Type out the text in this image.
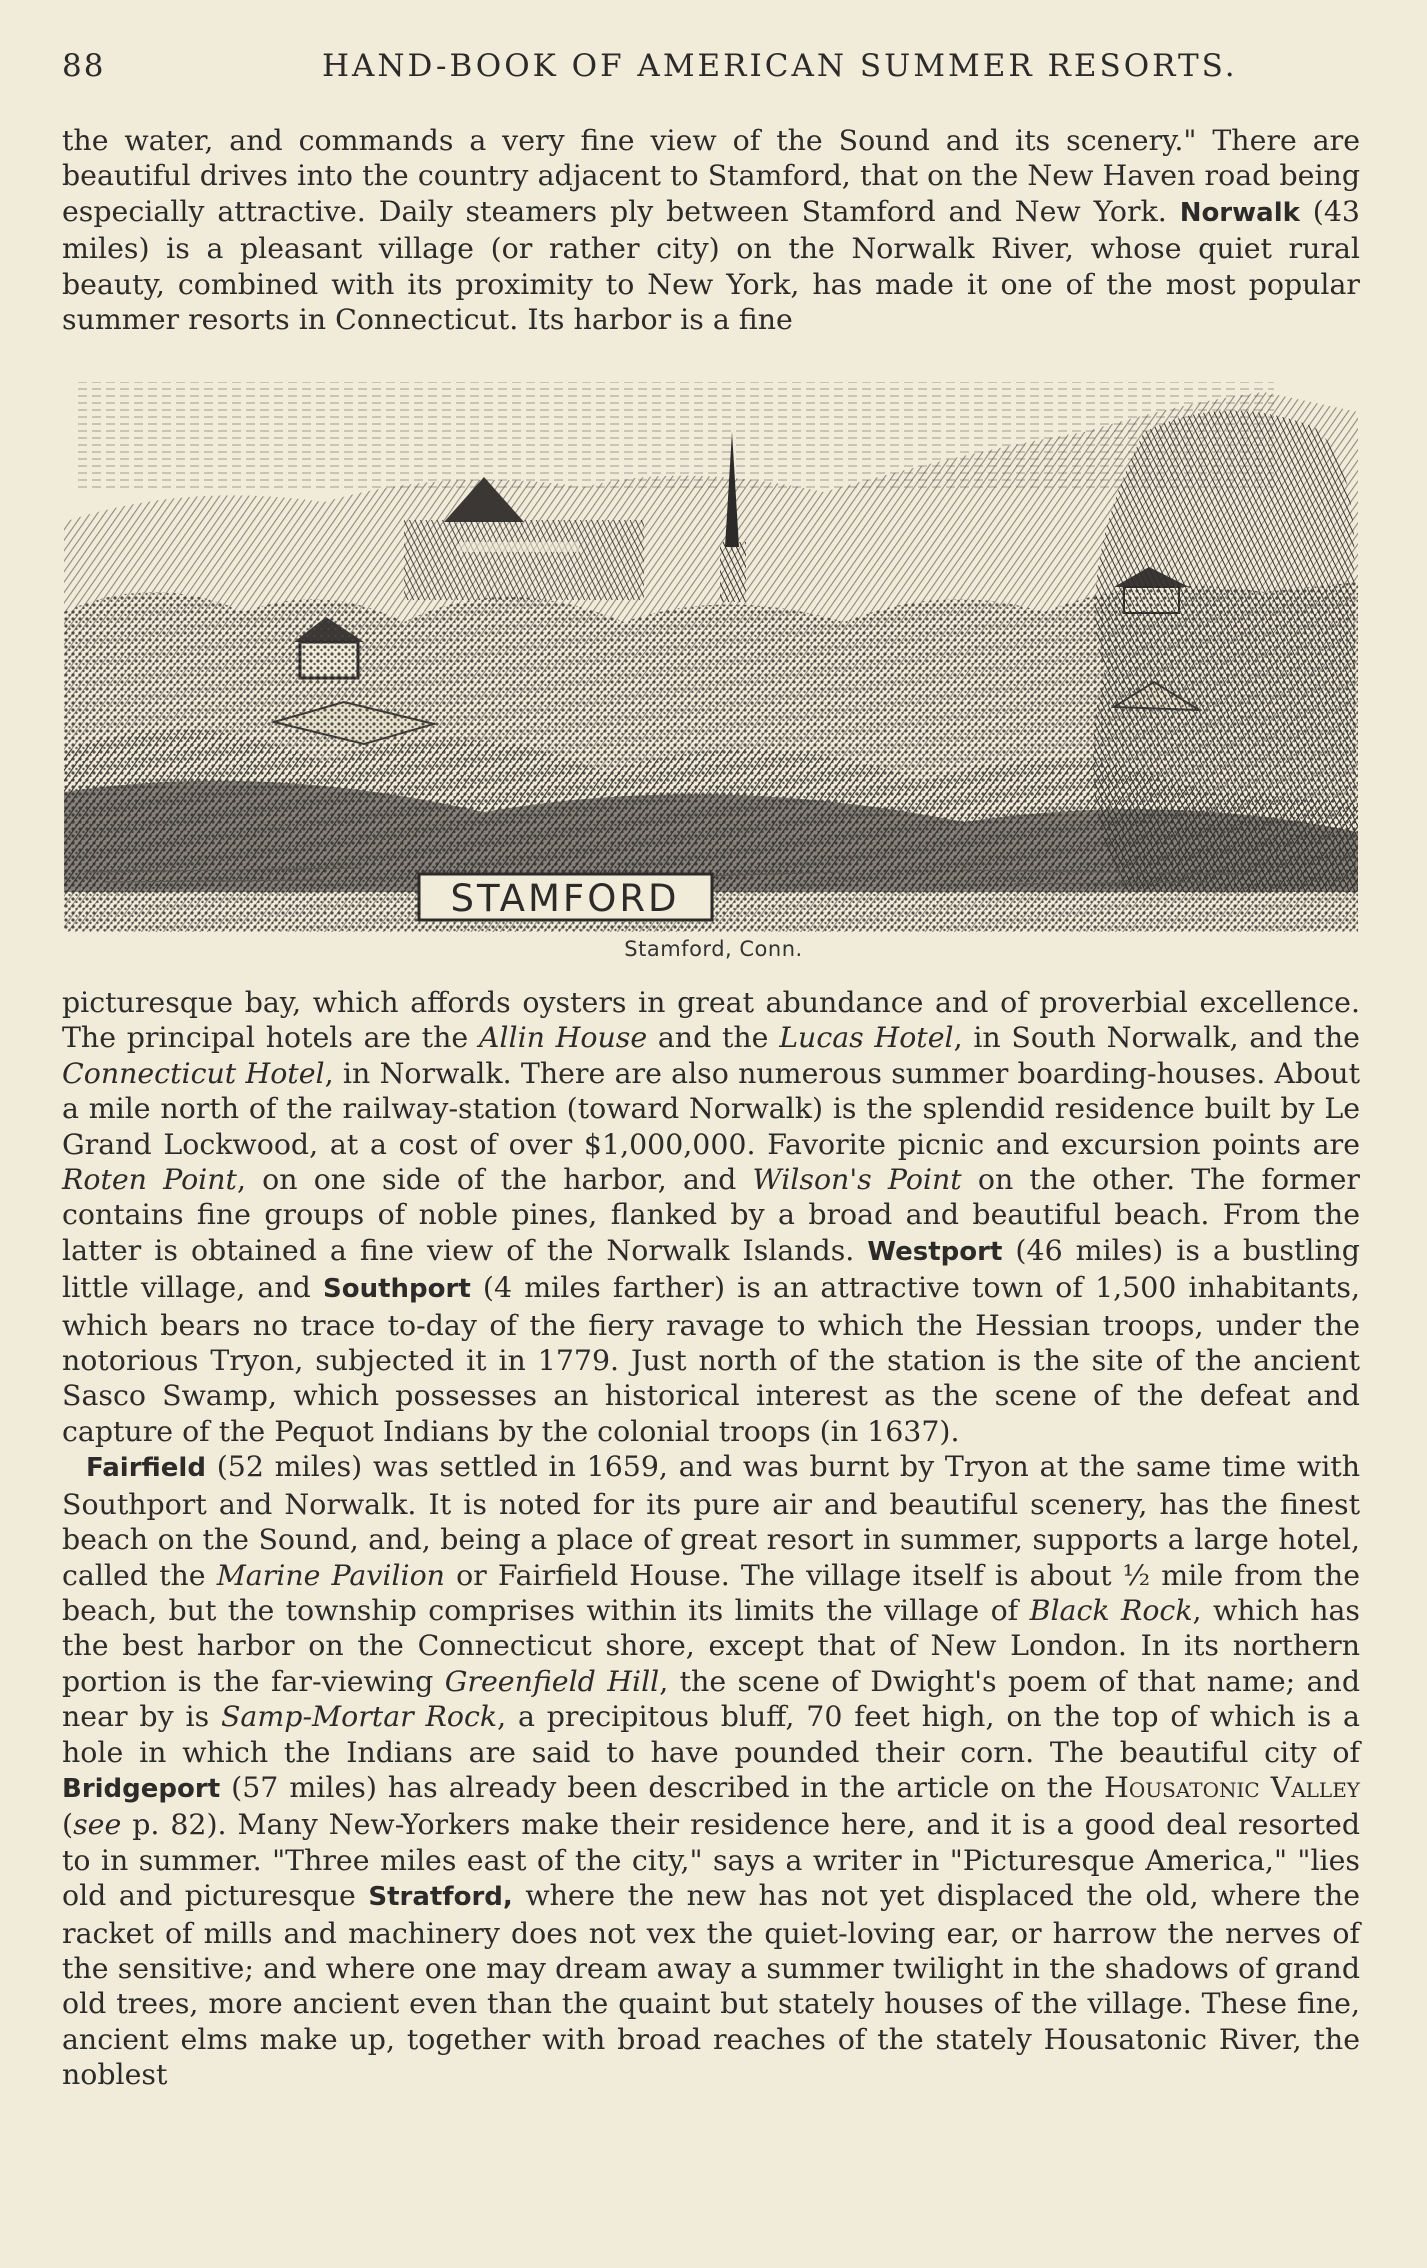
88	HAND-BOOK OF AMERICAN SUMMER RESORTS.

the water, and commands a very fine view of the Sound and its scenery." There are beautiful drives into the country adjacent to Stamford, that on the New Haven road being especially attractive. Daily steamers ply between Stamford and New York. Norwalk (43 miles) is a pleasant village (or rather city) on the Norwalk River, whose quiet rural beauty, combined with its proximity to New York, has made it one of the most popular summer resorts in Connecticut. Its harbor is a fine

STAMFORD
Stamford, Conn.

picturesque bay, which affords oysters in great abundance and of proverbial excellence. The principal hotels are the Allin House and the Lucas Hotel, in South Norwalk, and the Connecticut Hotel, in Norwalk. There are also numerous summer boarding-houses. About a mile north of the railway-station (toward Norwalk) is the splendid residence built by Le Grand Lockwood, at a cost of over $1,000,000. Favorite picnic and excursion points are Roten Point, on one side of the harbor, and Wilson's Point on the other. The former contains fine groups of noble pines, flanked by a broad and beautiful beach. From the latter is obtained a fine view of the Norwalk Islands. Westport (46 miles) is a bustling little village, and Southport (4 miles farther) is an attractive town of 1,500 inhabitants, which bears no trace to-day of the fiery ravage to which the Hessian troops, under the notorious Tryon, subjected it in 1779. Just north of the station is the site of the ancient Sasco Swamp, which possesses an historical interest as the scene of the defeat and capture of the Pequot Indians by the colonial troops (in 1637).

Fairfield (52 miles) was settled in 1659, and was burnt by Tryon at the same time with Southport and Norwalk. It is noted for its pure air and beautiful scenery, has the finest beach on the Sound, and, being a place of great resort in summer, supports a large hotel, called the Marine Pavilion or Fairfield House. The village itself is about ½ mile from the beach, but the township comprises within its limits the village of Black Rock, which has the best harbor on the Connecticut shore, except that of New London. In its northern portion is the far-viewing Greenfield Hill, the scene of Dwight's poem of that name; and near by is Samp-Mortar Rock, a precipitous bluff, 70 feet high, on the top of which is a hole in which the Indians are said to have pounded their corn. The beautiful city of Bridgeport (57 miles) has already been described in the article on the Housatonic Valley (see p. 82). Many New-Yorkers make their residence here, and it is a good deal resorted to in summer. "Three miles east of the city," says a writer in "Picturesque America," "lies old and picturesque Stratford, where the new has not yet displaced the old, where the racket of mills and machinery does not vex the quiet-loving ear, or harrow the nerves of the sensitive; and where one may dream away a summer twilight in the shadows of grand old trees, more ancient even than the quaint but stately houses of the village. These fine, ancient elms make up, together with broad reaches of the stately Housatonic River, the noblest
